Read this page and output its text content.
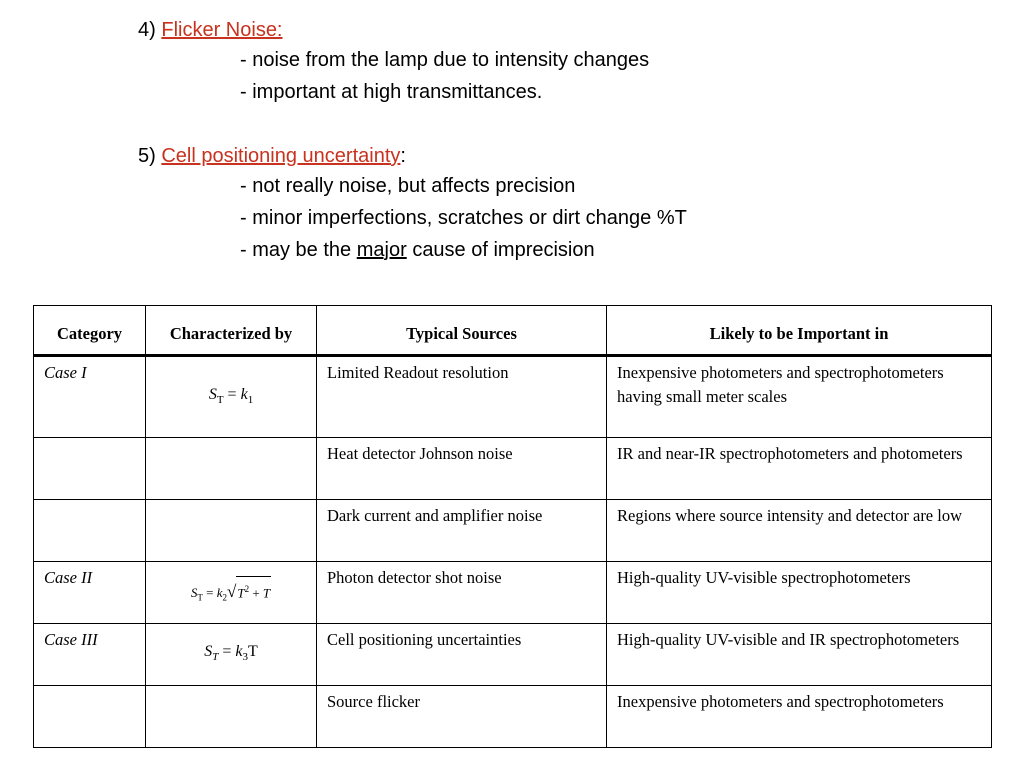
4) Flicker Noise:
- noise from the lamp due to intensity changes
- important at high transmittances.
5) Cell positioning uncertainty:
- not really noise, but affects precision
- minor imperfections, scratches or dirt change %T
- may be the major cause of imprecision
Category	Characterized by	Typical Sources	Likely to be Important in
Case I	$S_T = k_1$	Limited Readout resolution	Inexpensive photometers and spectrophotometers having small meter scales
		Heat detector Johnson noise	IR and near-IR spectrophotometers and photometers
		Dark current and amplifier noise	Regions where source intensity and detector are low
Case II	$S_T = k_2√T^2 + T$	Photon detector shot noise	High-quality UV-visible spectrophotometers
Case III	$S_T = k_3T$	Cell positioning uncertainties	High-quality UV-visible and IR spectrophotometers
		Source flicker	Inexpensive photometers and spectrophotometers
